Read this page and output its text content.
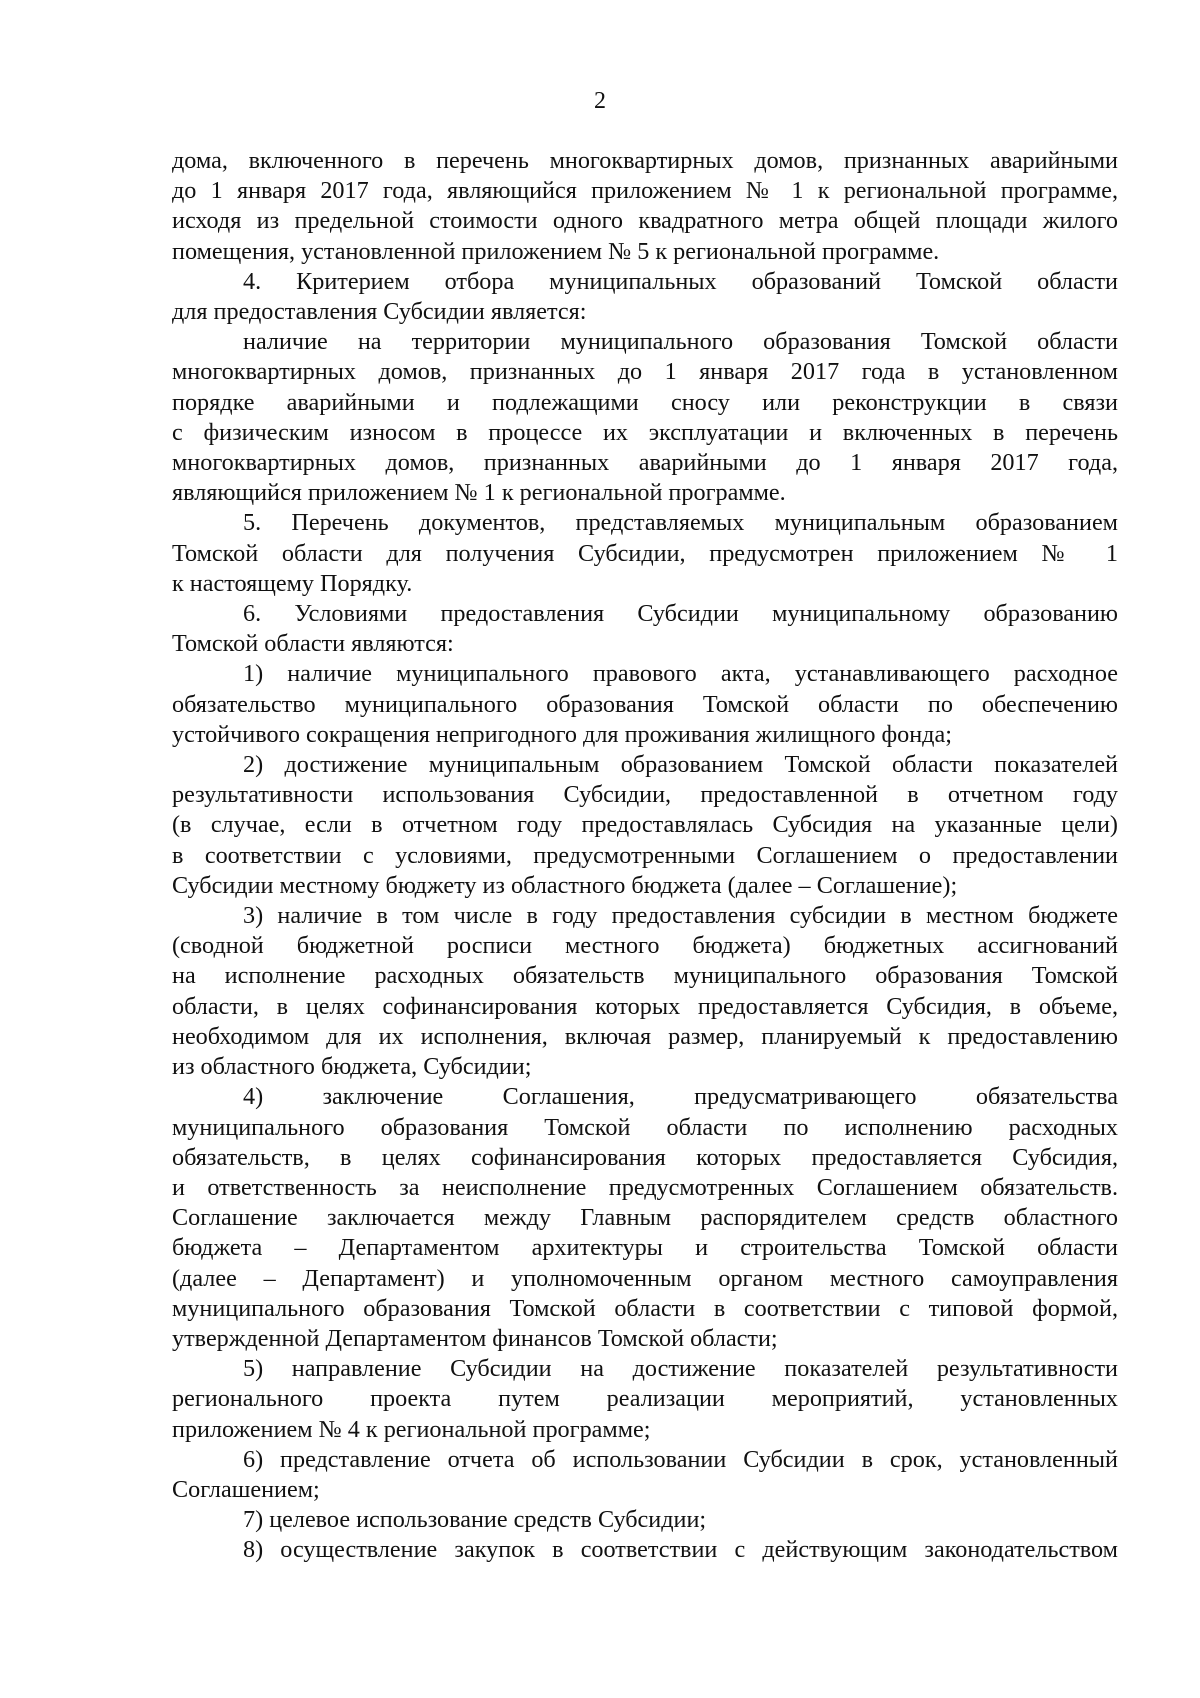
2
дома, включенного в перечень многоквартирных домов, признанных аварийными
до 1 января 2017 года, являющийся приложением № 1 к региональной программе,
исходя из предельной стоимости одного квадратного метра общей площади жилого
помещения, установленной приложением № 5 к региональной программе.
4. Критерием отбора муниципальных образований Томской области
для предоставления Субсидии является:
наличие на территории муниципального образования Томской области
многоквартирных домов, признанных до 1 января 2017 года в установленном
порядке аварийными и подлежащими сносу или реконструкции в связи
с физическим износом в процессе их эксплуатации и включенных в перечень
многоквартирных домов, признанных аварийными до 1 января 2017 года,
являющийся приложением № 1 к региональной программе.
5. Перечень документов, представляемых муниципальным образованием
Томской области для получения Субсидии, предусмотрен приложением № 1
к настоящему Порядку.
6. Условиями предоставления Субсидии муниципальному образованию
Томской области являются:
1) наличие муниципального правового акта, устанавливающего расходное
обязательство муниципального образования Томской области по обеспечению
устойчивого сокращения непригодного для проживания жилищного фонда;
2) достижение муниципальным образованием Томской области показателей
результативности использования Субсидии, предоставленной в отчетном году
(в случае, если в отчетном году предоставлялась Субсидия на указанные цели)
в соответствии с условиями, предусмотренными Соглашением о предоставлении
Субсидии местному бюджету из областного бюджета (далее – Соглашение);
3) наличие в том числе в году предоставления субсидии в местном бюджете
(сводной бюджетной росписи местного бюджета) бюджетных ассигнований
на исполнение расходных обязательств муниципального образования Томской
области, в целях софинансирования которых предоставляется Субсидия, в объеме,
необходимом для их исполнения, включая размер, планируемый к предоставлению
из областного бюджета, Субсидии;
4) заключение Соглашения, предусматривающего обязательства
муниципального образования Томской области по исполнению расходных
обязательств, в целях софинансирования которых предоставляется Субсидия,
и ответственность за неисполнение предусмотренных Соглашением обязательств.
Соглашение заключается между Главным распорядителем средств областного
бюджета – Департаментом архитектуры и строительства Томской области
(далее – Департамент) и уполномоченным органом местного самоуправления
муниципального образования Томской области в соответствии с типовой формой,
утвержденной Департаментом финансов Томской области;
5) направление Субсидии на достижение показателей результативности
регионального проекта путем реализации мероприятий, установленных
приложением № 4 к региональной программе;
6) представление отчета об использовании Субсидии в срок, установленный
Соглашением;
7) целевое использование средств Субсидии;
8) осуществление закупок в соответствии с действующим законодательством
